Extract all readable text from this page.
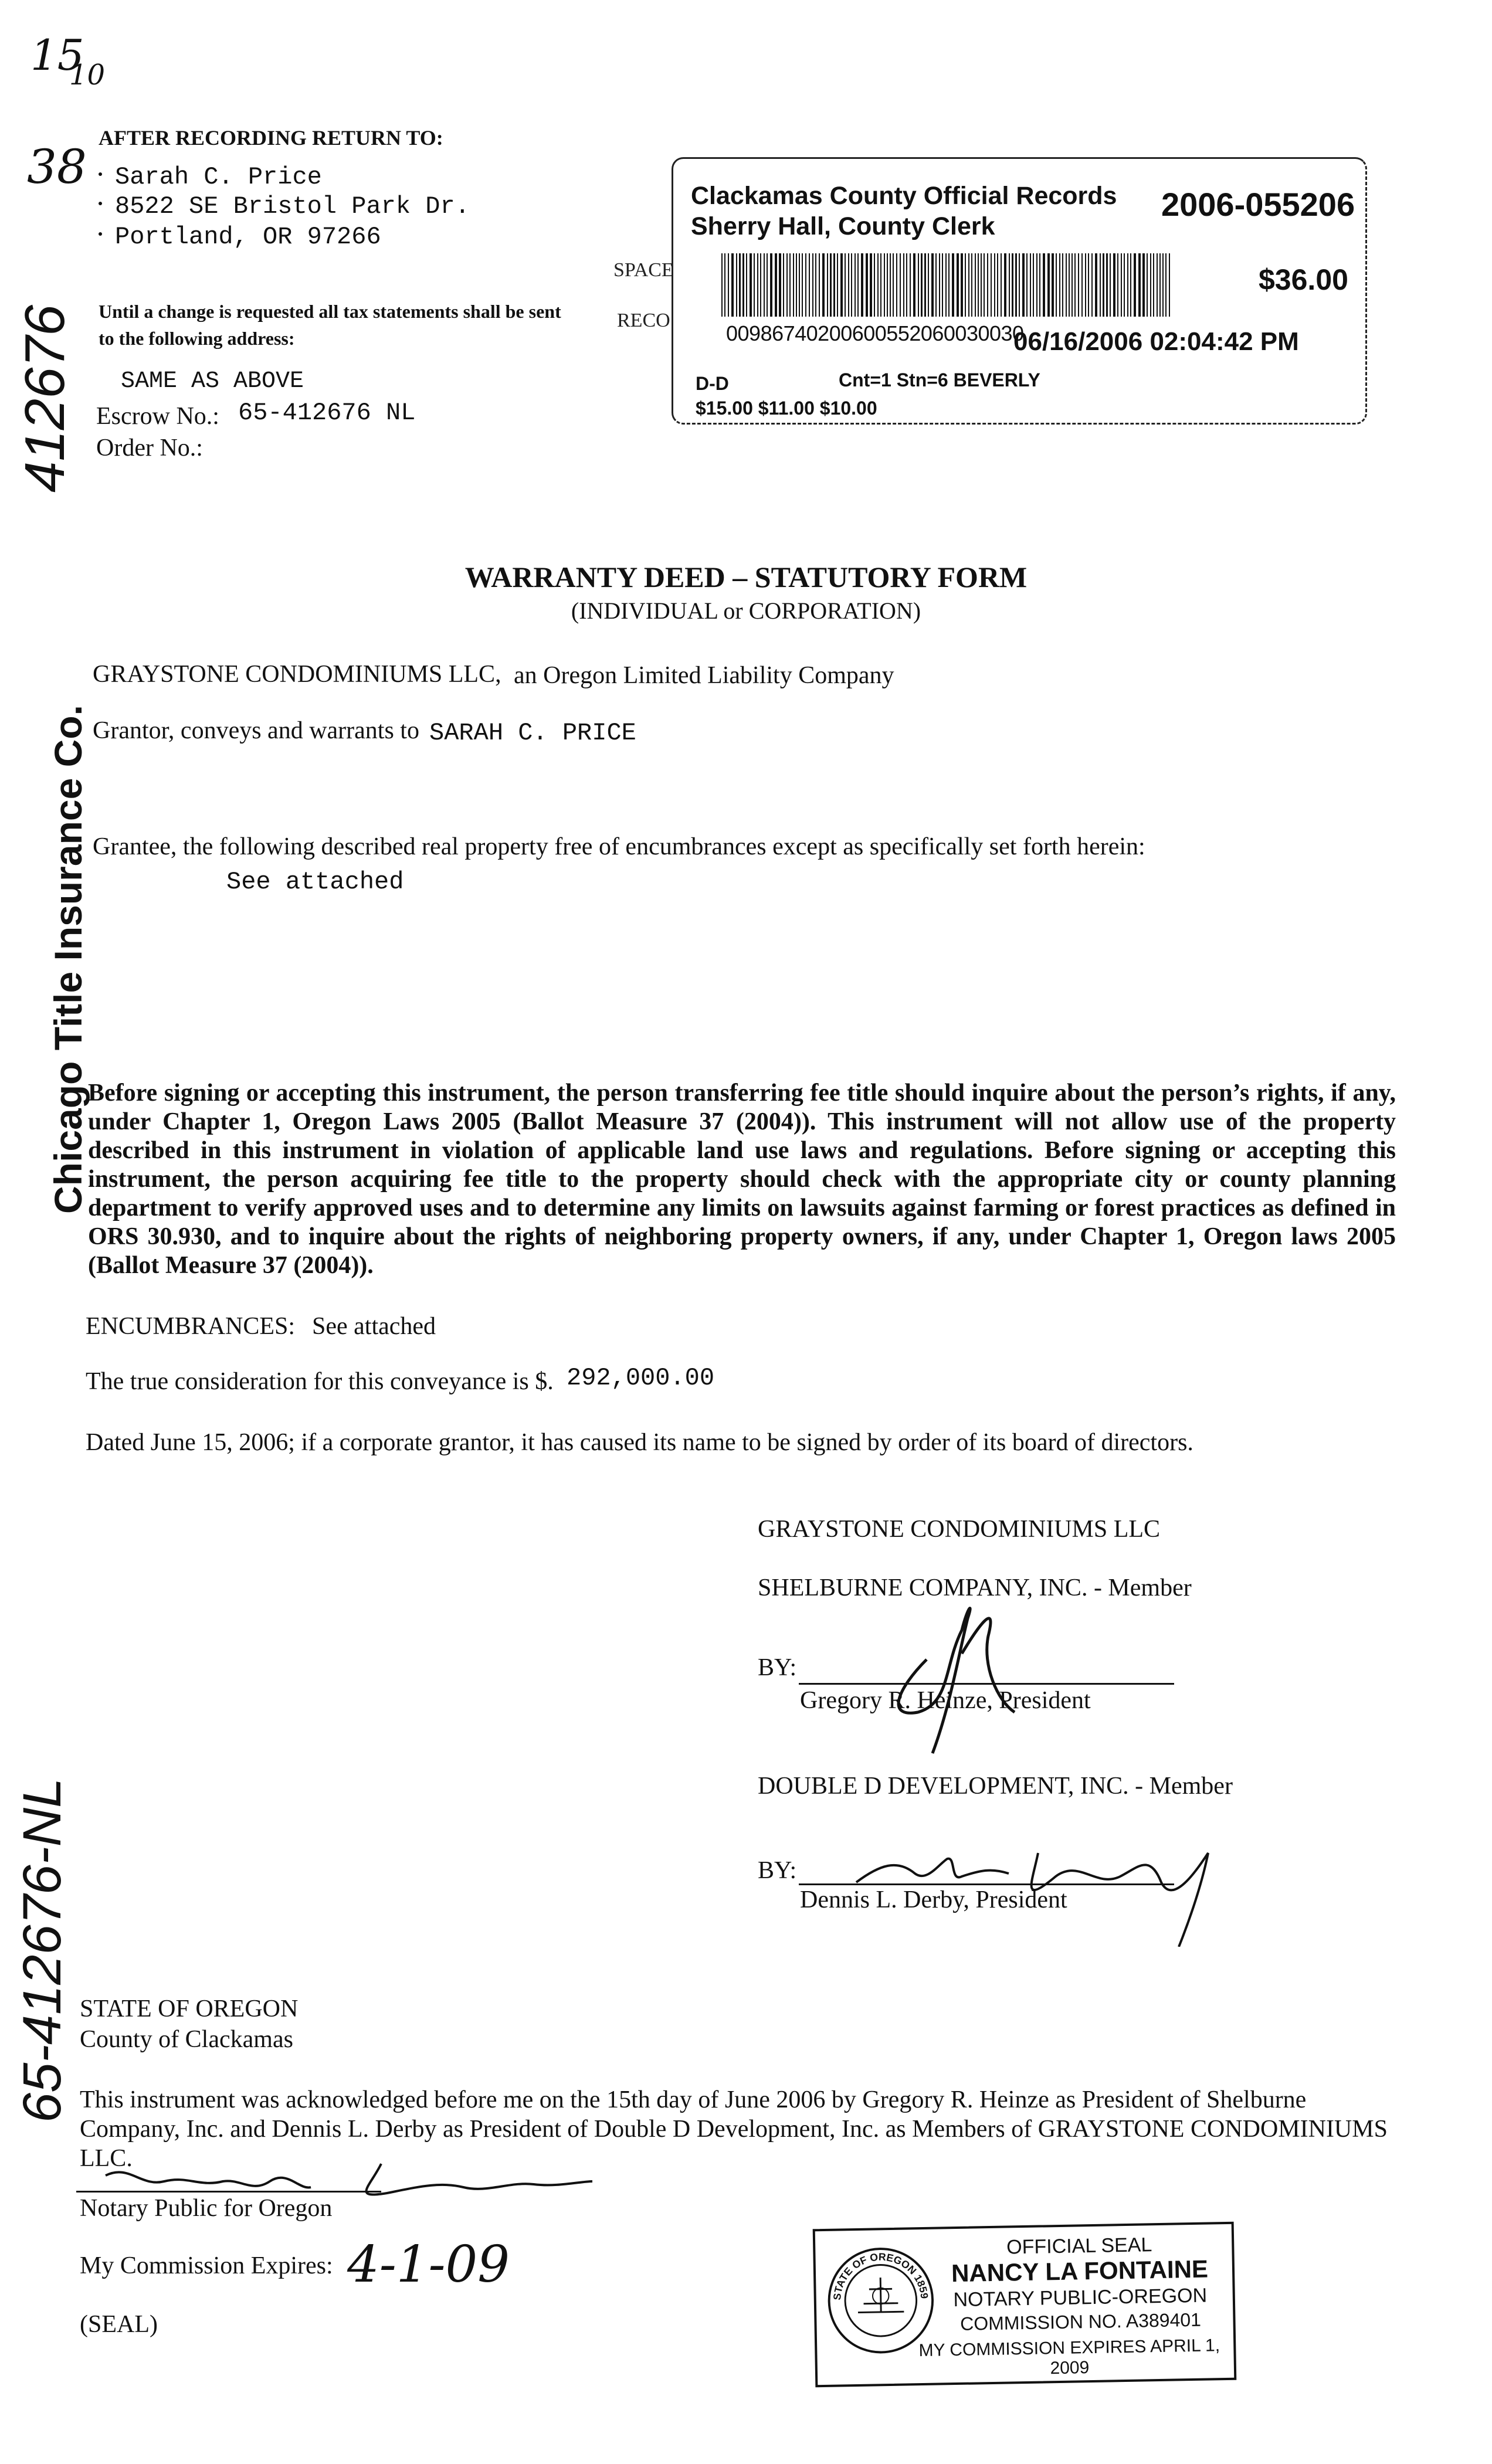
15
10
38
412676
65-412676-NL
Chicago Title Insurance Co.
AFTER RECORDING RETURN TO:
Sarah C. Price
8522 SE Bristol Park Dr.
Portland, OR 97266
Until a change is requested all tax statements shall be sent to the following address:
SAME AS ABOVE
Escrow No.: 65-412676 NL
Order No.:
SPACE
RECO
Clackamas County Official Records
Sherry Hall, County Clerk
2006-055206
$36.00
00986740200600552060030030
06/16/2006 02:04:42 PM
D-D	Cnt=1 Stn=6 BEVERLY
$15.00 $11.00 $10.00
WARRANTY DEED – STATUTORY FORM
(INDIVIDUAL or CORPORATION)
GRAYSTONE CONDOMINIUMS LLC, an Oregon Limited Liability Company
Grantor, conveys and warrants to SARAH C. PRICE
Grantee, the following described real property free of encumbrances except as specifically set forth herein:
See attached
Before signing or accepting this instrument, the person transferring fee title should inquire about the person’s rights, if any, under Chapter 1, Oregon Laws 2005 (Ballot Measure 37 (2004)). This instrument will not allow use of the property described in this instrument in violation of applicable land use laws and regulations. Before signing or accepting this instrument, the person acquiring fee title to the property should check with the appropriate city or county planning department to verify approved uses and to determine any limits on lawsuits against farming or forest practices as defined in ORS 30.930, and to inquire about the rights of neighboring property owners, if any, under Chapter 1, Oregon laws 2005 (Ballot Measure 37 (2004)).
ENCUMBRANCES: See attached
The true consideration for this conveyance is $. 292,000.00
Dated June 15, 2006; if a corporate grantor, it has caused its name to be signed by order of its board of directors.
GRAYSTONE CONDOMINIUMS LLC
SHELBURNE COMPANY, INC. - Member
BY:
Gregory R. Heinze, President
DOUBLE D DEVELOPMENT, INC. - Member
BY:
Dennis L. Derby, President
STATE OF OREGON
County of Clackamas
This instrument was acknowledged before me on the 15th day of June 2006 by Gregory R. Heinze as President of Shelburne Company, Inc. and Dennis L. Derby as President of Double D Development, Inc. as Members of GRAYSTONE CONDOMINIUMS LLC.
Notary Public for Oregon
My Commission Expires: 4-1-09
(SEAL)
STATE OF OREGON 1859
OFFICIAL SEAL
NANCY LA FONTAINE
NOTARY PUBLIC-OREGON
COMMISSION NO. A389401
MY COMMISSION EXPIRES APRIL 1, 2009
